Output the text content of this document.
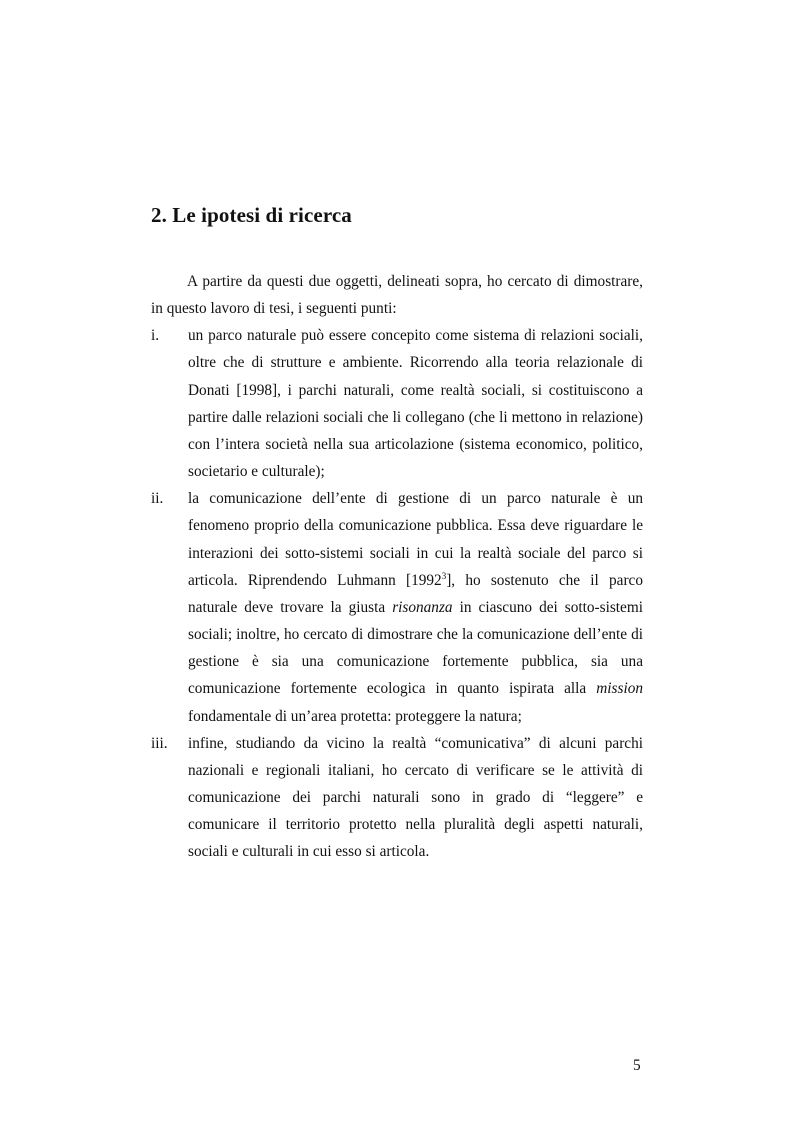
2. Le ipotesi di ricerca

A partire da questi due oggetti, delineati sopra, ho cercato di dimostrare, in questo lavoro di tesi, i seguenti punti:

i. un parco naturale può essere concepito come sistema di relazioni sociali, oltre che di strutture e ambiente. Ricorrendo alla teoria relazionale di Donati [1998], i parchi naturali, come realtà sociali, si costituiscono a partire dalle relazioni sociali che li collegano (che li mettono in relazione) con l’intera società nella sua articolazione (sistema economico, politico, societario e culturale);
ii. la comunicazione dell’ente di gestione di un parco naturale è un fenomeno proprio della comunicazione pubblica. Essa deve riguardare le interazioni dei sotto-sistemi sociali in cui la realtà sociale del parco si articola. Riprendendo Luhmann [1992$^3$], ho sostenuto che il parco naturale deve trovare la giusta risonanza in ciascuno dei sotto-sistemi sociali; inoltre, ho cercato di dimostrare che la comunicazione dell’ente di gestione è sia una comunicazione fortemente pubblica, sia una comunicazione fortemente ecologica in quanto ispirata alla mission fondamentale di un’area protetta: proteggere la natura;
iii. infine, studiando da vicino la realtà “comunicativa” di alcuni parchi nazionali e regionali italiani, ho cercato di verificare se le attività di comunicazione dei parchi naturali sono in grado di “leggere” e comunicare il territorio protetto nella pluralità degli aspetti naturali, sociali e culturali in cui esso si articola.
5
